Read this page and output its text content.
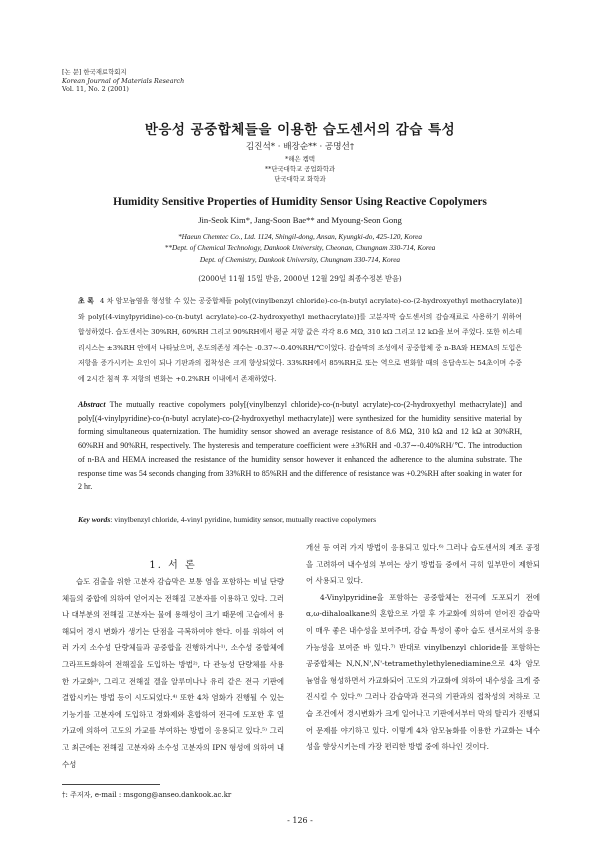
[논 문] 한국재료학회지
Korean Journal of Materials Research
Vol. 11, No. 2 (2001)
반응성 공중합체들을 이용한 습도센서의 감습 특성
김진석* · 배장순** · 공명선†
*해은 켐텍
**단국대학교 공업화학과
단국대학교 화학과
Humidity Sensitive Properties of Humidity Sensor Using Reactive Copolymers
Jin-Seok Kim*, Jang-Soon Bae** and Myoung-Seon Gong
*Haeun Chemtec Co., Ltd. 1124, Shingil-dong, Ansan, Kyungki-do, 425-120, Korea
**Dept. of Chemical Technology, Dankook University, Cheonan, Chungnam 330-714, Korea
Dept. of Chemistry, Dankook University, Chungnam 330-714, Korea
(2000년 11월 15일 받음, 2000년 12월 29일 최종수정본 받음)
초 록 4 차 암모늄염을 형성할 수 있는 공중합체들 poly[(vinylbenzyl chloride)-co-(n-butyl acrylate)-co-(2-hydroxyethyl methacrylate)]와 poly[(4-vinylpyridine)-co-(n-butyl acrylate)-co-(2-hydroxyethyl methacrylate)]를 고분자막 습도센서의 감습재료로 사용하기 위하여 합성하였다. 습도센서는 30%RH, 60%RH 그리고 90%RH에서 평균 저항 값은 각각 8.6 MΩ, 310 kΩ 그리고 12 kΩ을 보여 주었다. 또한 히스테리시스는 ±3%RH 안에서 나타났으며, 온도의존성 계수는 -0.37∼-0.40%RH/℃이었다. 감습막의 조성에서 공중합체 중 n-BA와 HEMA의 도입은 저항을 증가시키는 요인이 되나 기판과의 접착성은 크게 향상되었다. 33%RH에서 85%RH로 또는 역으로 변화할 때의 응답속도는 54초이며 수중에 2시간 침적 후 저항의 변화는 +0.2%RH 이내에서 존재하였다.
Abstract The mutually reactive copolymers poly[(vinylbenzyl chloride)-co-(n-butyl acrylate)-co-(2-hydroxyethyl methacrylate)] and poly[(4-vinylpyridine)-co-(n-butyl acrylate)-co-(2-hydroxyethyl methacrylate)] were synthesized for the humidity sensitive material by forming simultaneous quaternization. The humidity sensor showed an average resistance of 8.6 MΩ, 310 kΩ and 12 kΩ at 30%RH, 60%RH and 90%RH, respectively. The hysteresis and temperature coefficient were ±3%RH and -0.37∼-0.40%RH/℃. The introduction of n-BA and HEMA increased the resistance of the humidity sensor however it enhanced the adherence to the alumina substrate. The response time was 54 seconds changing from 33%RH to 85%RH and the difference of resistance was +0.2%RH after soaking in water for 2 hr.
Key words: vinylbenzyl chloride, 4-vinyl pyridine, humidity sensor, mutually reactive copolymers
1. 서 론

습도 검출을 위한 고분자 감습막은 보통 염을 포함하는 비닐 단량체들의 중합에 의하여 얻어지는 전해질 고분자를 이용하고 있다. 그러나 대부분의 전해질 고분자는 물에 용해성이 크기 때문에 고습에서 용해되어 경시 변화가 생기는 단점을 극복하여야 한다. 이를 위하여 여러 가지 소수성 단량체들과 공중합을 진행하거나¹⁾, 소수성 중합체에 그라프트화하여 전해질을 도입하는 방법²⁾, 다 관능성 단량체를 사용한 가교화³⁾, 그리고 전해질 겔을 알루미나나 유리 같은 전극 기판에 결합시키는 방법 등이 시도되었다.⁴⁾ 또한 4차 염화가 진행될 수 있는 기능기를 고분자에 도입하고 경화제와 혼합하여 전극에 도포한 후 열 가교에 의하여 고도의 가교를 부여하는 방법이 응용되고 있다.⁵⁾ 그리고 최근에는 전해질 고분자와 소수성 고분자의 IPN 형성에 의하여 내수성

개선 등 여러 가지 방법이 응용되고 있다.⁶⁾ 그러나 습도센서의 제조 공정을 고려하여 내수성의 부여는 상기 방법들 중에서 극히 일부만이 제한되어 사용되고 있다.

4-Vinylpyridine을 포함하는 공중합체는 전극에 도포되기 전에 α,ω-dihaloalkane의 혼합으로 가열 후 가교화에 의하여 얻어진 감습막이 매우 좋은 내수성을 보여주며, 감습 특성이 좋아 습도 센서로서의 응용 가능성을 보여준 바 있다.⁷⁾ 반대로 vinylbenzyl chloride를 포함하는 공중합체는 N,N,N',N'-tetramethylethylenediamine으로 4차 암모늄염을 형성하면서 가교화되어 고도의 가교화에 의하여 내수성을 크게 증진시킬 수 있다.⁸⁾ 그러나 감습막과 전극의 기판과의 접착성의 저하로 고습 조건에서 경시변화가 크게 일어나고 기판에서부터 막의 탈리가 진행되어 문제를 야기하고 있다. 이렇게 4차 암모늄화를 이용한 가교화는 내수성을 향상시키는데 가장 편리한 방법 중에 하나인 것이다.

†: 주저자, e-mail : msgong@anseo.dankook.ac.kr
- 126 -
